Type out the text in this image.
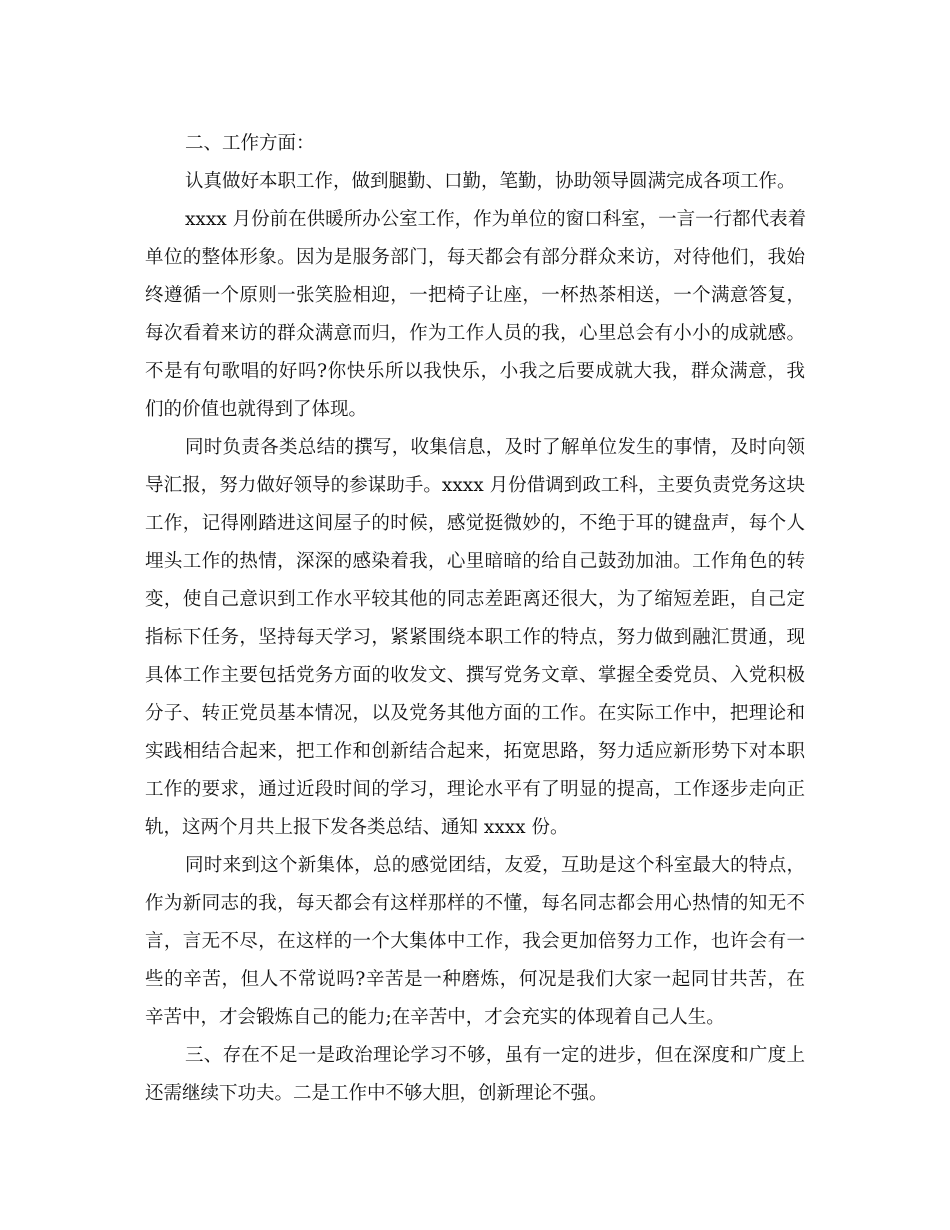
二、工作方面：
认真做好本职工作，做到腿勤、口勤，笔勤，协助领导圆满完成各项工作。
xxxx 月份前在供暖所办公室工作，作为单位的窗口科室，一言一行都代表着
单位的整体形象。因为是服务部门，每天都会有部分群众来访，对待他们，我始
终遵循一个原则一张笑脸相迎，一把椅子让座，一杯热茶相送，一个满意答复，
每次看着来访的群众满意而归，作为工作人员的我，心里总会有小小的成就感。
不是有句歌唱的好吗?你快乐所以我快乐，小我之后要成就大我，群众满意，我
们的价值也就得到了体现。
同时负责各类总结的撰写，收集信息，及时了解单位发生的事情，及时向领
导汇报，努力做好领导的参谋助手。xxxx 月份借调到政工科，主要负责党务这块
工作，记得刚踏进这间屋子的时候，感觉挺微妙的，不绝于耳的键盘声，每个人
埋头工作的热情，深深的感染着我，心里暗暗的给自己鼓劲加油。工作角色的转
变，使自己意识到工作水平较其他的同志差距离还很大，为了缩短差距，自己定
指标下任务，坚持每天学习，紧紧围绕本职工作的特点，努力做到融汇贯通，现
具体工作主要包括党务方面的收发文、撰写党务文章、掌握全委党员、入党积极
分子、转正党员基本情况，以及党务其他方面的工作。在实际工作中，把理论和
实践相结合起来，把工作和创新结合起来，拓宽思路，努力适应新形势下对本职
工作的要求，通过近段时间的学习，理论水平有了明显的提高，工作逐步走向正
轨，这两个月共上报下发各类总结、通知 xxxx 份。
同时来到这个新集体，总的感觉团结，友爱，互助是这个科室最大的特点，
作为新同志的我，每天都会有这样那样的不懂，每名同志都会用心热情的知无不
言，言无不尽，在这样的一个大集体中工作，我会更加倍努力工作，也许会有一
些的辛苦，但人不常说吗?辛苦是一种磨炼，何况是我们大家一起同甘共苦，在
辛苦中，才会锻炼自己的能力;在辛苦中，才会充实的体现着自己人生。
三、存在不足一是政治理论学习不够，虽有一定的进步，但在深度和广度上
还需继续下功夫。二是工作中不够大胆，创新理论不强。
